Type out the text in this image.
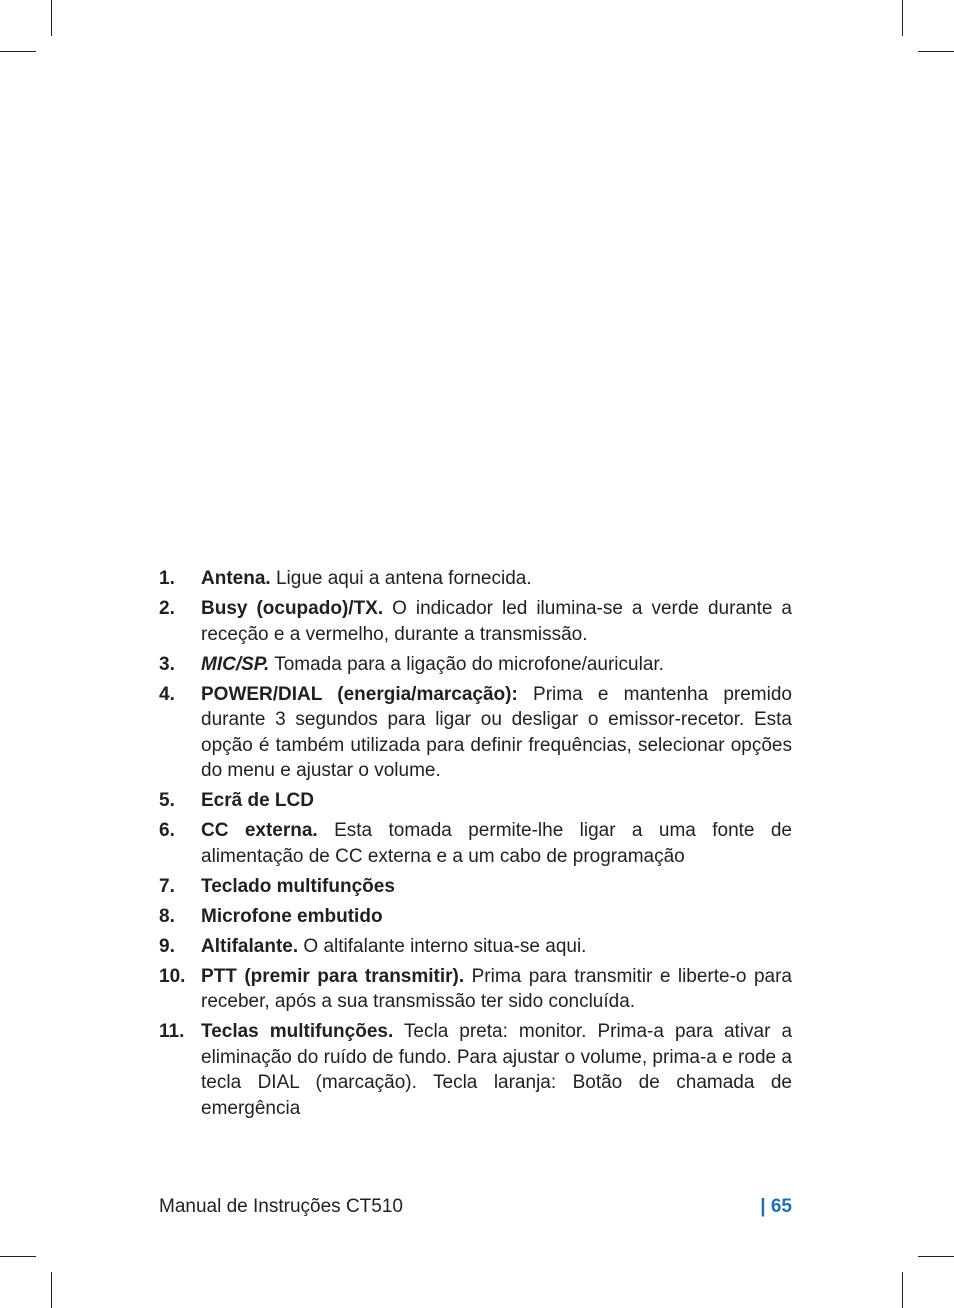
1.	Antena. Ligue aqui a antena fornecida.
2.	Busy (ocupado)/TX. O indicador led ilumina-se a verde durante a receção e a vermelho, durante a transmissão.
3.	MIC/SP. Tomada para a ligação do microfone/auricular.
4.	POWER/DIAL (energia/marcação): Prima e mantenha premido durante 3 segundos para ligar ou desligar o emissor-recetor. Esta opção é também utilizada para definir frequências, selecionar opções do menu e ajustar o volume.
5.	Ecrã de LCD
6.	CC externa. Esta tomada permite-lhe ligar a uma fonte de alimentação de CC externa e a um cabo de programação
7.	Teclado multifunções
8.	Microfone embutido
9.	Altifalante. O altifalante interno situa-se aqui.
10. PTT (premir para transmitir). Prima para transmitir e liberte-o para receber, após a sua transmissão ter sido concluída.
11. Teclas multifunções. Tecla preta: monitor. Prima-a para ativar a eliminação do ruído de fundo. Para ajustar o volume, prima-a e rode a tecla DIAL (marcação). Tecla laranja: Botão de chamada de emergência
Manual de Instruções CT510	| 65
